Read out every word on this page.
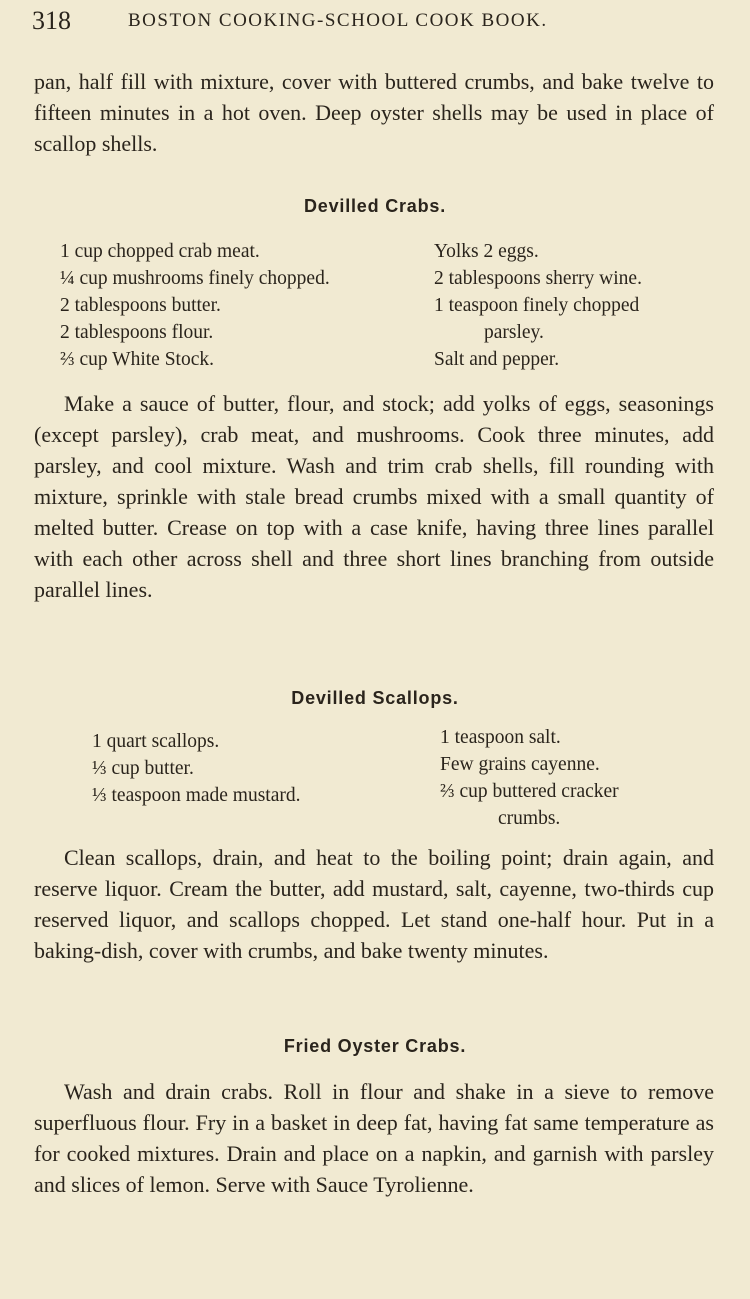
318	BOSTON COOKING-SCHOOL COOK BOOK.

pan, half fill with mixture, cover with buttered crumbs, and bake twelve to fifteen minutes in a hot oven. Deep oyster shells may be used in place of scallop shells.

Devilled Crabs.
1 cup chopped crab meat.
¼ cup mushrooms finely chopped.
2 tablespoons butter.
2 tablespoons flour.
⅔ cup White Stock.
Yolks 2 eggs.
2 tablespoons sherry wine.
1 teaspoon finely chopped
parsley.
Salt and pepper.

Make a sauce of butter, flour, and stock; add yolks of eggs, seasonings (except parsley), crab meat, and mushrooms. Cook three minutes, add parsley, and cool mixture. Wash and trim crab shells, fill rounding with mixture, sprinkle with stale bread crumbs mixed with a small quantity of melted butter. Crease on top with a case knife, having three lines parallel with each other across shell and three short lines branching from outside parallel lines.

Devilled Scallops.
1 quart scallops.
⅓ cup butter.
⅓ teaspoon made mustard.
1 teaspoon salt.
Few grains cayenne.
⅔ cup buttered cracker
crumbs.

Clean scallops, drain, and heat to the boiling point; drain again, and reserve liquor. Cream the butter, add mustard, salt, cayenne, two-thirds cup reserved liquor, and scallops chopped. Let stand one-half hour. Put in a baking-dish, cover with crumbs, and bake twenty minutes.

Fried Oyster Crabs.

Wash and drain crabs. Roll in flour and shake in a sieve to remove superfluous flour. Fry in a basket in deep fat, having fat same temperature as for cooked mixtures. Drain and place on a napkin, and garnish with parsley and slices of lemon. Serve with Sauce Tyrolienne.
